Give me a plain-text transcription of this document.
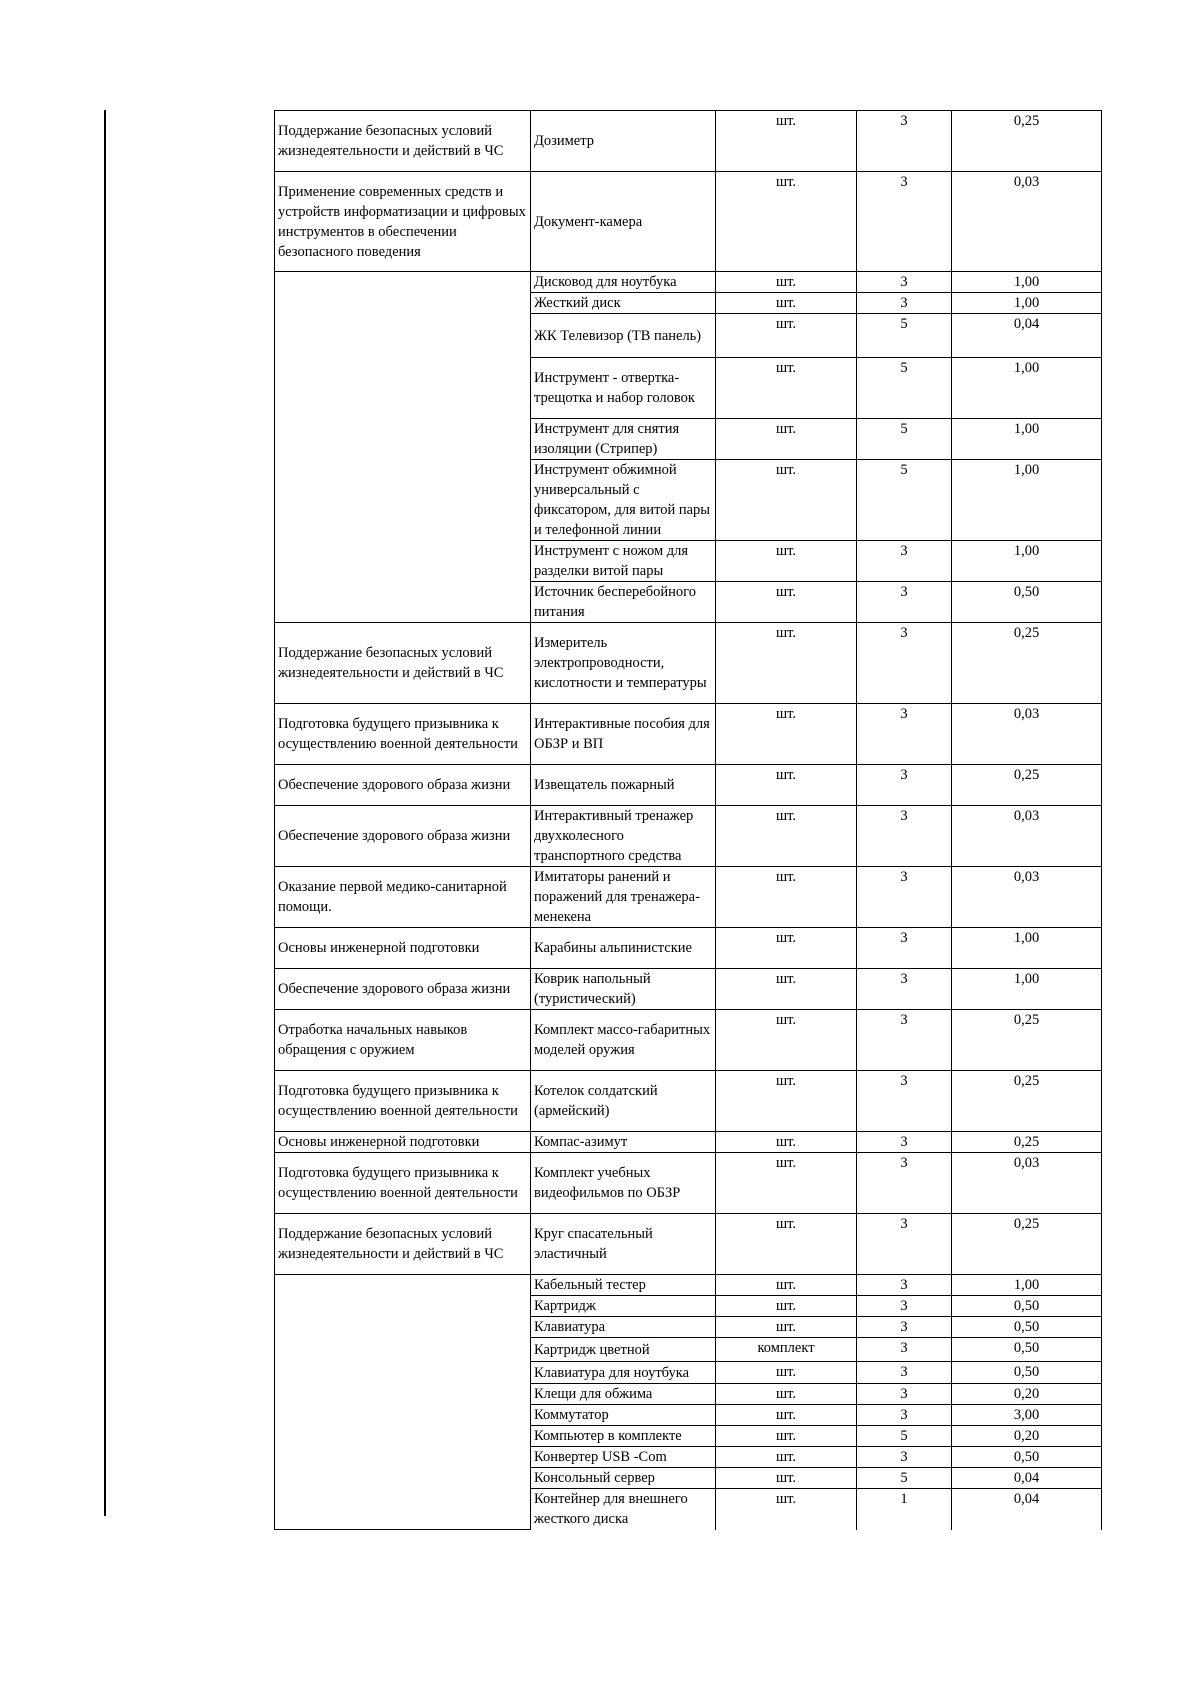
Поддержание безопасных условий жизнедеятельности и действий в ЧС	Дозиметр	шт.	3	0,25
Применение современных средств и устройств информатизации и цифровых инструментов в обеспечении безопасного поведения	Документ-камера	шт.	3	0,03
	Дисковод для ноутбука	шт.	3	1,00
	Жесткий диск	шт.	3	1,00
	ЖК Телевизор (ТВ панель)	шт.	5	0,04
	Инструмент - отвертка-трещотка и набор головок	шт.	5	1,00
	Инструмент для снятия изоляции (Стрипер)	шт.	5	1,00
	Инструмент обжимной универсальный с фиксатором, для витой пары и телефонной линии	шт.	5	1,00
	Инструмент с ножом для разделки витой пары	шт.	3	1,00
	Источник бесперебойного питания	шт.	3	0,50
Поддержание безопасных условий жизнедеятельности и действий в ЧС	Измеритель электропроводности, кислотности и температуры	шт.	3	0,25
Подготовка будущего призывника к осуществлению военной деятельности	Интерактивные пособия для ОБЗР и ВП	шт.	3	0,03
Обеспечение здорового образа жизни	Извещатель пожарный	шт.	3	0,25
Обеспечение здорового образа жизни	Интерактивный тренажер двухколесного транспортного средства	шт.	3	0,03
Оказание первой медико-санитарной помощи.	Имитаторы ранений и поражений для тренажера-менекена	шт.	3	0,03
Основы инженерной подготовки	Карабины альпинистские	шт.	3	1,00
Обеспечение здорового образа жизни	Коврик напольный (туристический)	шт.	3	1,00
Отработка начальных навыков обращения с оружием	Комплект массо-габаритных моделей оружия	шт.	3	0,25
Подготовка будущего призывника к осуществлению военной деятельности	Котелок солдатский (армейский)	шт.	3	0,25
Основы инженерной подготовки	Компас-азимут	шт.	3	0,25
Подготовка будущего призывника к осуществлению военной деятельности	Комплект учебных видеофильмов по ОБЗР	шт.	3	0,03
Поддержание безопасных условий жизнедеятельности и действий в ЧС	Круг спасательный эластичный	шт.	3	0,25
	Кабельный тестер	шт.	3	1,00
	Картридж	шт.	3	0,50
	Клавиатура	шт.	3	0,50
	Картридж цветной	комплект	3	0,50
	Клавиатура для ноутбука	шт.	3	0,50
	Клещи для обжима	шт.	3	0,20
	Коммутатор	шт.	3	3,00
	Компьютер в комплекте	шт.	5	0,20
	Конвертер USB -Com	шт.	3	0,50
	Консольный сервер	шт.	5	0,04
	Контейнер для внешнего жесткого диска	шт.	1	0,04
